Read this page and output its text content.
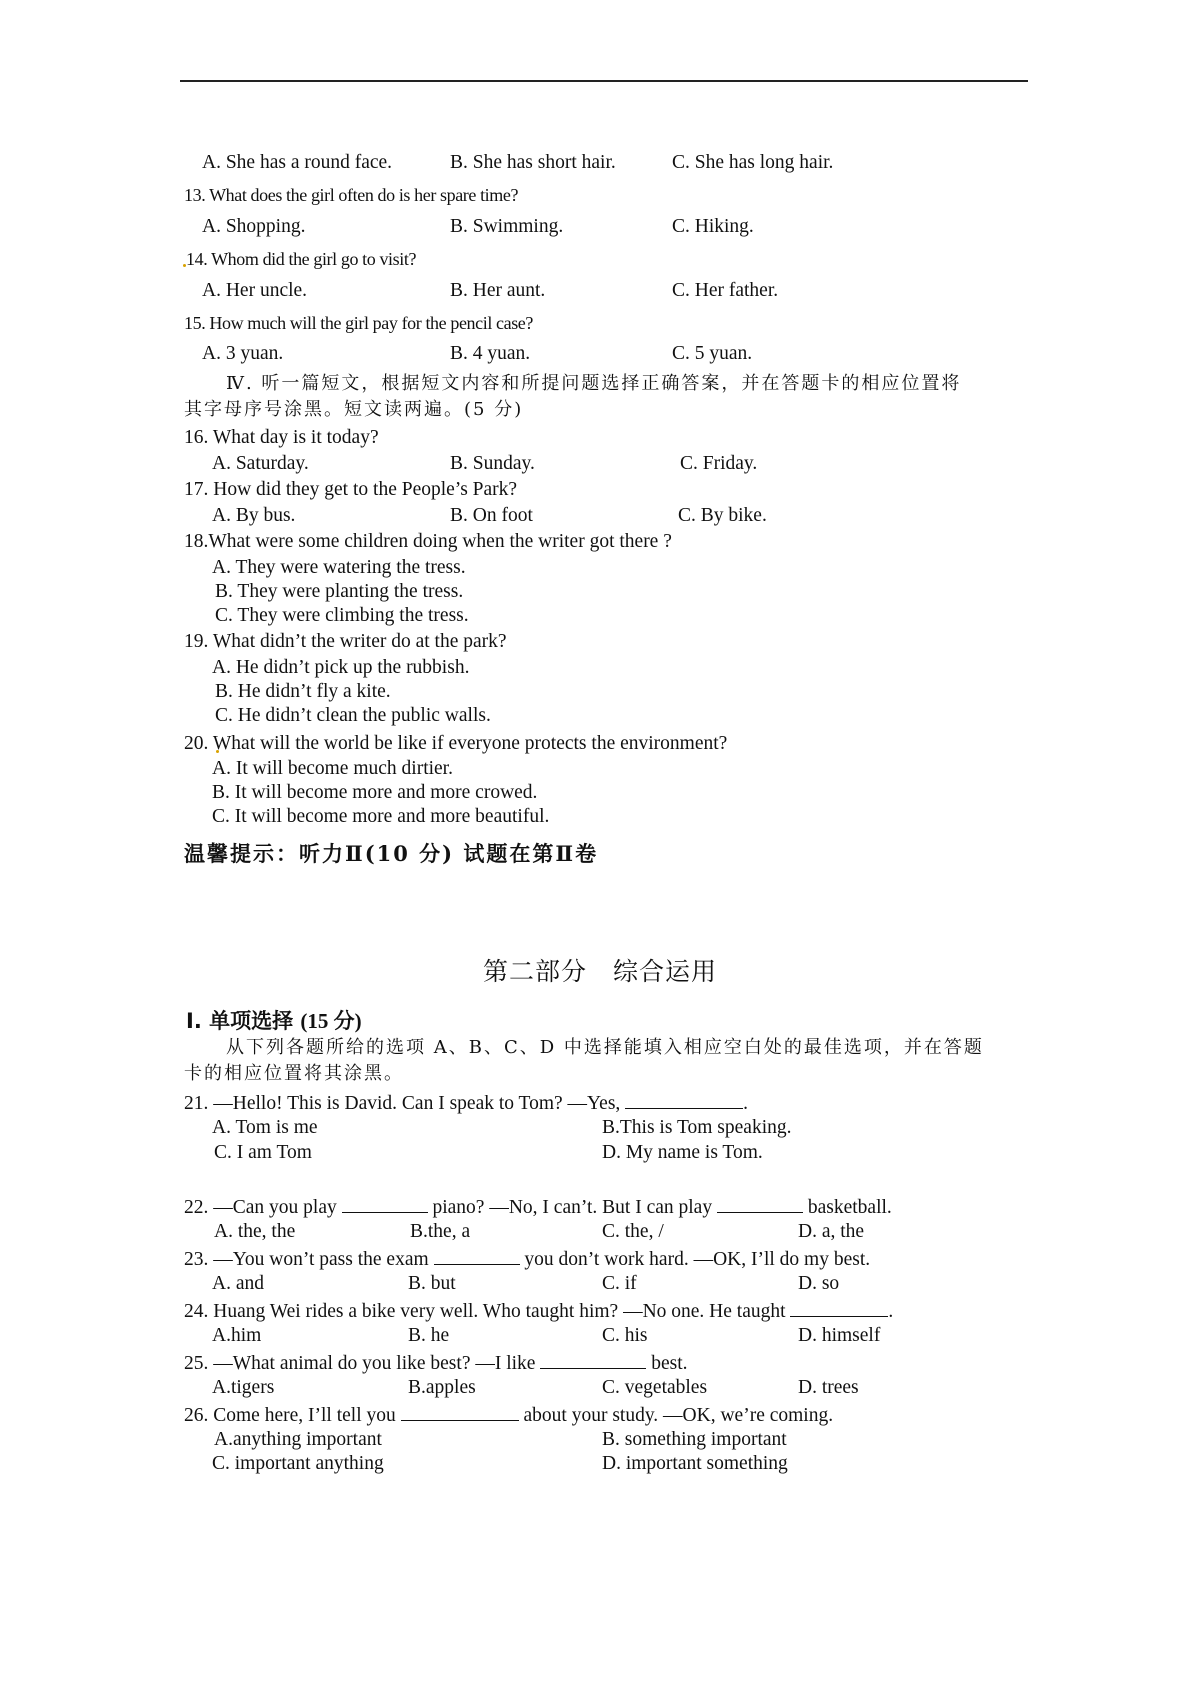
A. She has a round face.	B. She has short hair.	C. She has long hair.
13. What does the girl often do is her spare time?
A. Shopping.	B. Swimming.	C. Hiking.
14. Whom did the girl go to visit?
A. Her uncle.	B. Her aunt.	C. Her father.
15. How much will the girl pay for the pencil case?
A. 3 yuan.	B. 4 yuan.	C. 5 yuan.
Ⅳ. 听一篇短文，根据短文内容和所提问题选择正确答案，并在答题卡的相应位置将
其字母序号涂黑。短文读两遍。(5 分)
16. What day is it today?
A. Saturday.	B. Sunday.	C. Friday.
17. How did they get to the People’s Park?
A. By bus.	B. On foot	C. By bike.
18.What were some children doing when the writer got there ?
A. They were watering the tress.
B. They were planting the tress.
C. They were climbing the tress.
19. What didn’t the writer do at the park?
A. He didn’t pick up the rubbish.
B. He didn’t fly a kite.
C. He didn’t clean the public walls.
20. What will the world be like if everyone protects the environment?
A. It will become much dirtier.
B. It will become more and more crowed.
C. It will become more and more beautiful.
温馨提示：听力Ⅱ(10 分) 试题在第Ⅱ卷
第二部分　综合运用
Ⅰ. 单项选择 (15 分)
从下列各题所给的选项 A、B、C、D 中选择能填入相应空白处的最佳选项，并在答题
卡的相应位置将其涂黑。
21. —Hello! This is David. Can I speak to Tom? —Yes,	.
A. Tom is me	B.This is Tom speaking.
C. I am Tom	D. My name is Tom.
22. —Can you play	piano? —No, I can’t. But I can play	basketball.
A. the, the	B.the, a	C. the, /	D. a, the
23. —You won’t pass the exam	you don’t work hard. —OK, I’ll do my best.
A. and	B. but	C. if	D. so
24. Huang Wei rides a bike very well. Who taught him? —No one. He taught	.
A.him	B. he	C. his	D. himself
25. —What animal do you like best? —I like	best.
A.tigers	B.apples	C. vegetables	D. trees
26. Come here, I’ll tell you	about your study. —OK, we’re coming.
A.anything important	B. something important
C. important anything	D. important something
